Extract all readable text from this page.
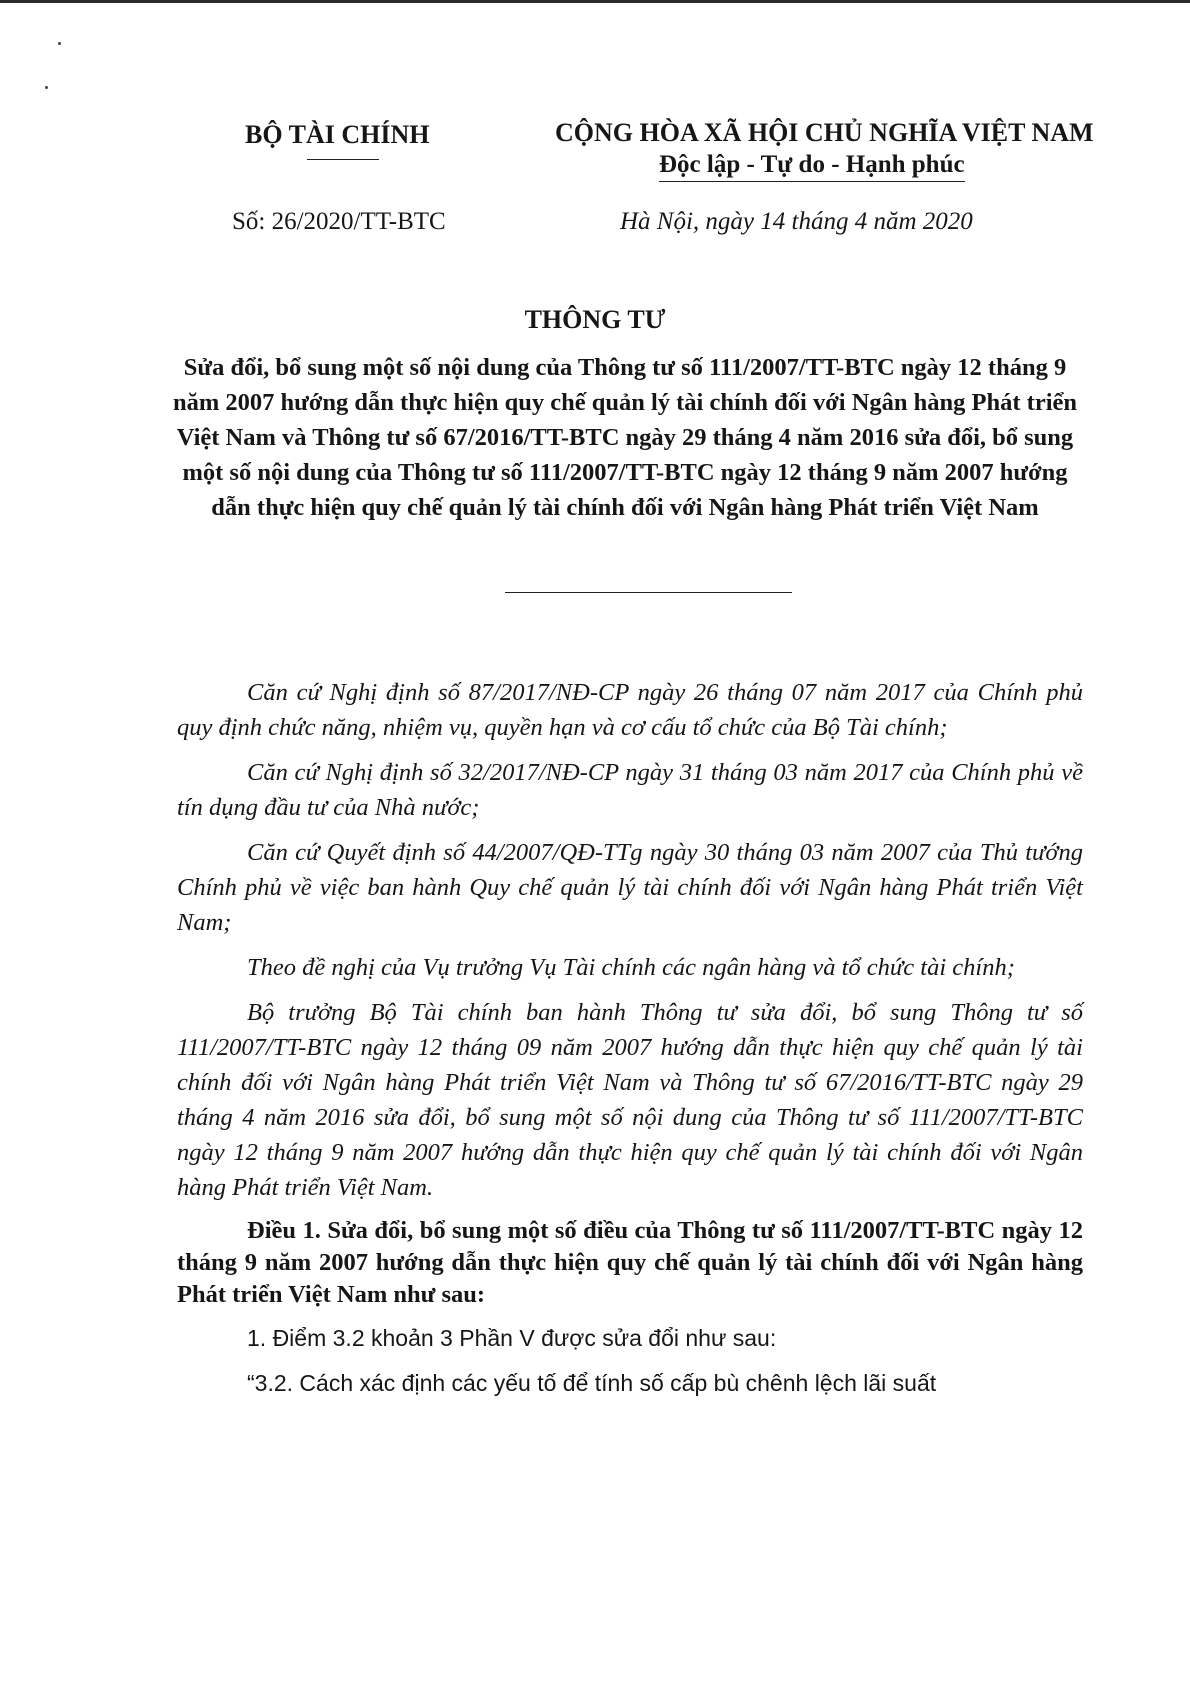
BỘ TÀI CHÍNH	CỘNG HÒA XÃ HỘI CHỦ NGHĨA VIỆT NAM
Độc lập - Tự do - Hạnh phúc
Số: 26/2020/TT-BTC	Hà Nội, ngày 14 tháng 4 năm 2020
THÔNG TƯ
Sửa đổi, bổ sung một số nội dung của Thông tư số 111/2007/TT-BTC ngày 12 tháng 9 năm 2007 hướng dẫn thực hiện quy chế quản lý tài chính đối với Ngân hàng Phát triển Việt Nam và Thông tư số 67/2016/TT-BTC ngày 29 tháng 4 năm 2016 sửa đổi, bổ sung một số nội dung của Thông tư số 111/2007/TT-BTC ngày 12 tháng 9 năm 2007 hướng dẫn thực hiện quy chế quản lý tài chính đối với Ngân hàng Phát triển Việt Nam

Căn cứ Nghị định số 87/2017/NĐ-CP ngày 26 tháng 07 năm 2017 của Chính phủ quy định chức năng, nhiệm vụ, quyền hạn và cơ cấu tổ chức của Bộ Tài chính;

Căn cứ Nghị định số 32/2017/NĐ-CP ngày 31 tháng 03 năm 2017 của Chính phủ về tín dụng đầu tư của Nhà nước;

Căn cứ Quyết định số 44/2007/QĐ-TTg ngày 30 tháng 03 năm 2007 của Thủ tướng Chính phủ về việc ban hành Quy chế quản lý tài chính đối với Ngân hàng Phát triển Việt Nam;

Theo đề nghị của Vụ trưởng Vụ Tài chính các ngân hàng và tổ chức tài chính;

Bộ trưởng Bộ Tài chính ban hành Thông tư sửa đổi, bổ sung Thông tư số 111/2007/TT-BTC ngày 12 tháng 09 năm 2007 hướng dẫn thực hiện quy chế quản lý tài chính đối với Ngân hàng Phát triển Việt Nam và Thông tư số 67/2016/TT-BTC ngày 29 tháng 4 năm 2016 sửa đổi, bổ sung một số nội dung của Thông tư số 111/2007/TT-BTC ngày 12 tháng 9 năm 2007 hướng dẫn thực hiện quy chế quản lý tài chính đối với Ngân hàng Phát triển Việt Nam.

Điều 1. Sửa đổi, bổ sung một số điều của Thông tư số 111/2007/TT-BTC ngày 12 tháng 9 năm 2007 hướng dẫn thực hiện quy chế quản lý tài chính đối với Ngân hàng Phát triển Việt Nam như sau:

1. Điểm 3.2 khoản 3 Phần V được sửa đổi như sau:

“3.2. Cách xác định các yếu tố để tính số cấp bù chênh lệch lãi suất
